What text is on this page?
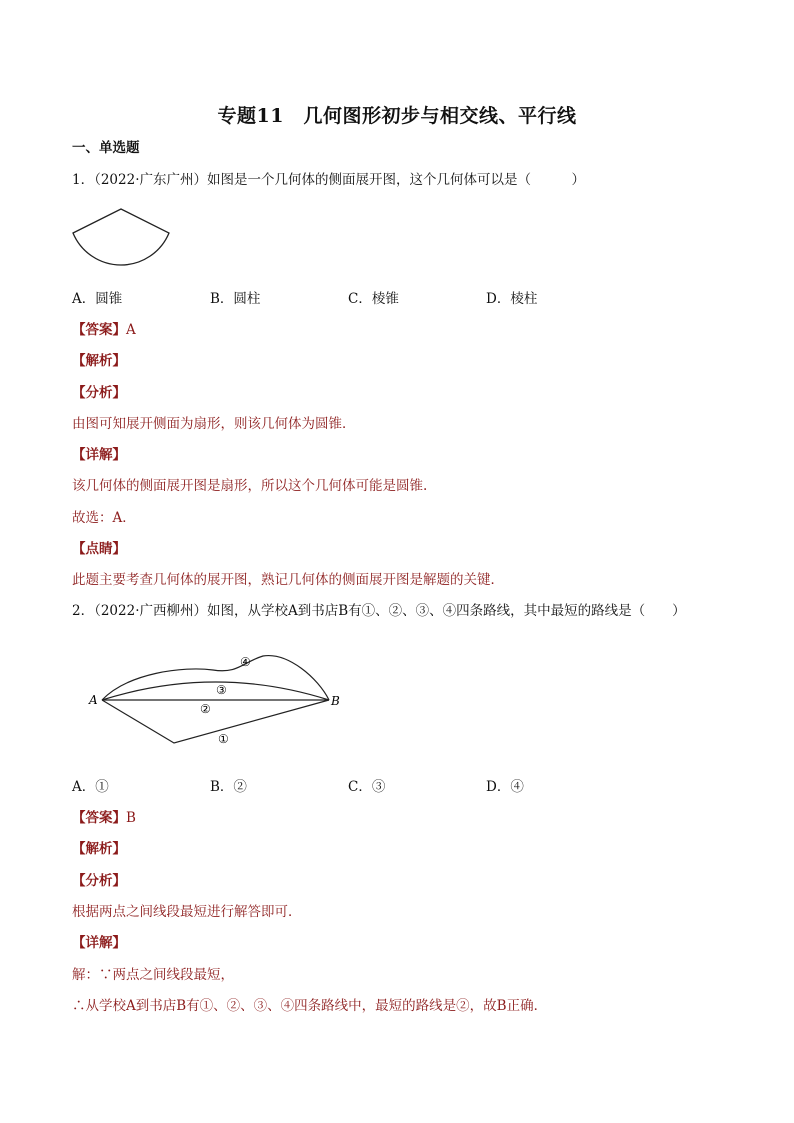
专题11　几何图形初步与相交线、平行线
一、单选题
1．（2022·广东广州）如图是一个几何体的侧面展开图，这个几何体可以是（　　　）
A．圆锥	B．圆柱	C．棱锥	D．棱柱
【答案】A
【解析】
【分析】
由图可知展开侧面为扇形，则该几何体为圆锥．
【详解】
该几何体的侧面展开图是扇形，所以这个几何体可能是圆锥.
故选：A．
【点睛】
此题主要考查几何体的展开图，熟记几何体的侧面展开图是解题的关键．
2．（2022·广西柳州）如图，从学校A到书店B有①、②、③、④四条路线，其中最短的路线是（　　）
A	B
①
②
③
④
A．①	B．②	C．③	D．④
【答案】B
【解析】
【分析】
根据两点之间线段最短进行解答即可．
【详解】
解：∵两点之间线段最短，
∴从学校A到书店B有①、②、③、④四条路线中，最短的路线是②，故B正确．
